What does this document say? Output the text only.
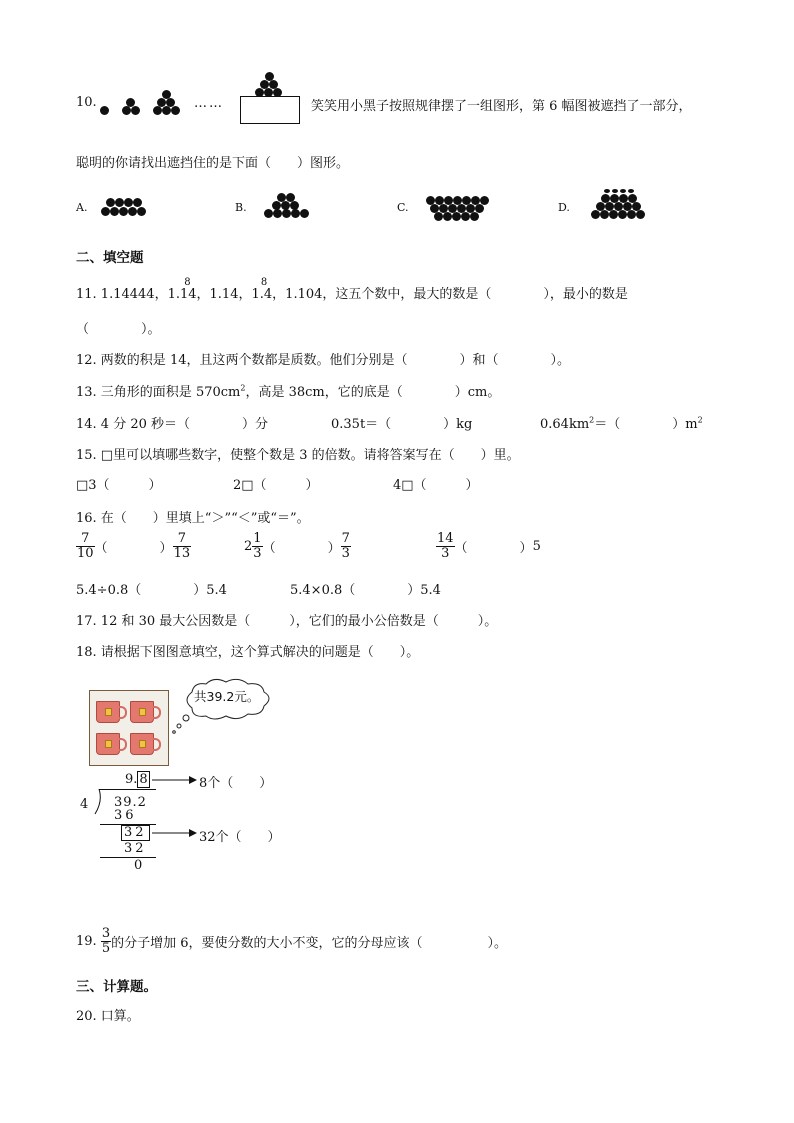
10.	……	笑笑用小黑子按照规律摆了一组图形，第 6 幅图被遮挡了一部分，
聪明的你请找出遮挡住的是下面（　　）图形。
A.	B.	C.	D.
二、填空题
11. 1.14444，1.14
8
，1.14，1.4
8
，1.104，这五个数中，最大的数是（　　　　），最小的数是
（　　　　）。
12. 两数的积是 14，且这两个数都是质数。他们分别是（　　　　）和（　　　　）。
13. 三角形的面积是 $570cm^2$，高是 38cm，它的底是（　　　　）cm。
14. 4 分 20 秒＝（　　　　）分	0.35t＝（　　　　）kg	$0.64km^2=$（　　　　）$m^2$
15. □里可以填哪些数字，使整个数是 3 的倍数。请将答案写在（　　）里。
□3（　　　）	2□（　　　）	4□（　　　）
16. 在（　　）里填上“＞”“＜”或“＝”。
$\frac{7}{10}$ （　　　　） $\frac{7}{13}$	$2 \frac{1}{3}$ （　　　　） $\frac{7}{3}$	$\frac{14}{3}$ （　　　　）5
5.4÷0.8（　　　　）5.4	5.4×0.8（　　　　）5.4
17. 12 和 30 最大公因数是（　　　），它们的最小公倍数是（　　　）。
18. 请根据下图图意填空，这个算式解决的问题是（　　）。
共39.2元。
9. 8
4 39.2
36
32
32
0
8个（　　）
32个（　　）
19. $\frac{3}{5}$ 的分子增加 6，要使分数的大小不变，它的分母应该（　　　　　）。
三、计算题。
20. 口算。
